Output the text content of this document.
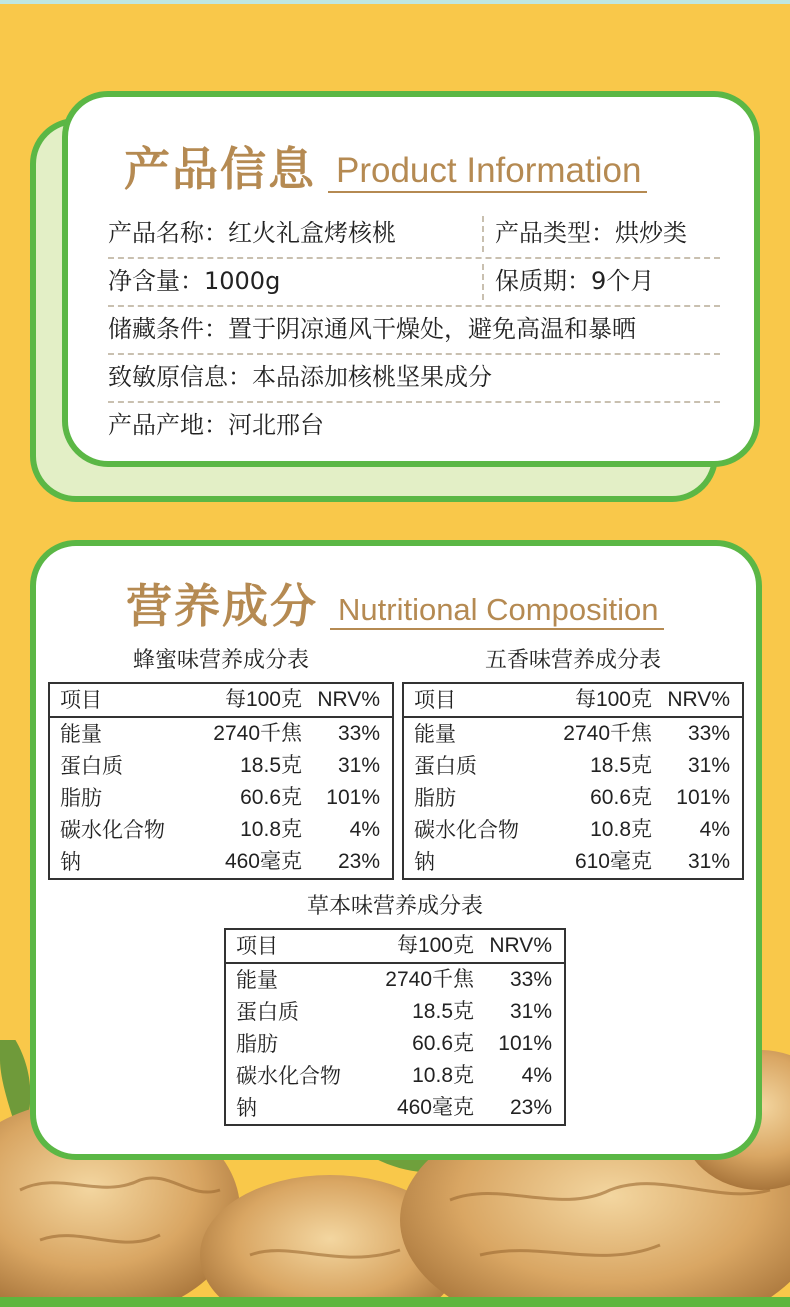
产品信息 Product Information
产品名称：红火礼盒烤核桃	产品类型：烘炒类
净含量：1000g	保质期：9个月
储藏条件：置于阴凉通风干燥处，避免高温和暴晒
致敏原信息：本品添加核桃坚果成分
产品产地：河北邢台
营养成分 Nutritional Composition
蜂蜜味营养成分表
项目	每100克 NRV%
能量	2740千焦 33%
蛋白质	18.5克 31%
脂肪	60.6克 101%
碳水化合物	10.8克 4%
钠	460毫克 23%
五香味营养成分表
项目	每100克 NRV%
能量	2740千焦 33%
蛋白质	18.5克 31%
脂肪	60.6克 101%
碳水化合物	10.8克 4%
钠	610毫克 31%
草本味营养成分表
项目	每100克 NRV%
能量	2740千焦 33%
蛋白质	18.5克 31%
脂肪	60.6克 101%
碳水化合物	10.8克 4%
钠	460毫克 23%
